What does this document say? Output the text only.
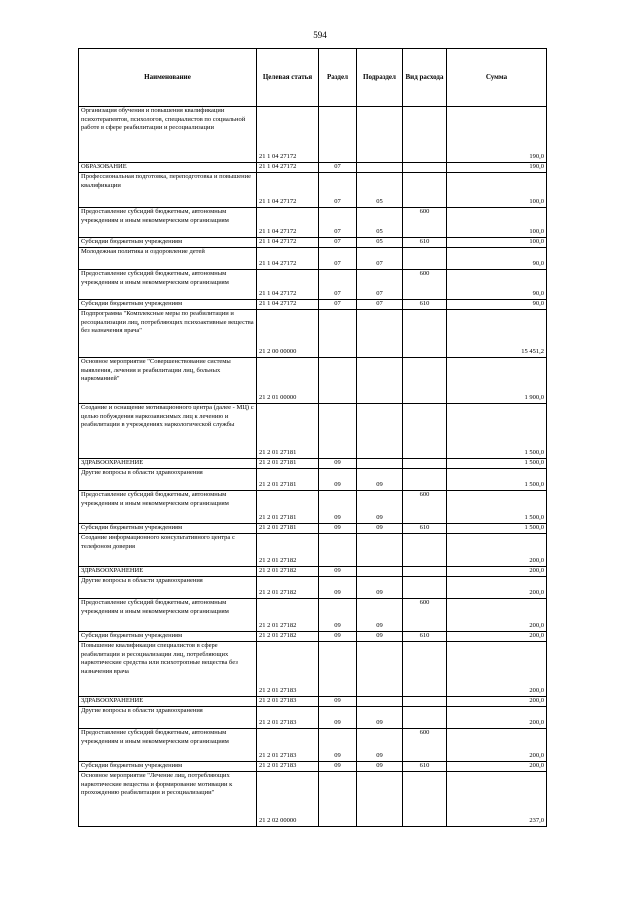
594
Наименование	Целевая статья	Раздел	Подраздел	Вид расхода	Сумма
Организация обучения и повышения квалификации психотерапевтов, психологов, специалистов по социальной работе в сфере реабилитации и ресоциализации	21 1 04 27172				190,0
ОБРАЗОВАНИЕ	21 1 04 27172	07			190,0
Профессиональная подготовка, переподготовка и повышение квалификации	21 1 04 27172	07	05		100,0
Предоставление субсидий бюджетным, автономным учреждениям и иным некоммерческим организациям	21 1 04 27172	07	05	600	100,0
Субсидии бюджетным учреждениям	21 1 04 27172	07	05	610	100,0
Молодежная политика и оздоровление детей	21 1 04 27172	07	07		90,0
Предоставление субсидий бюджетным, автономным учреждениям и иным некоммерческим организациям	21 1 04 27172	07	07	600	90,0
Субсидии бюджетным учреждениям	21 1 04 27172	07	07	610	90,0
Подпрограмма "Комплексные меры по реабилитации и ресоциализации лиц, потребляющих психоактивные вещества без назначения врача"	21 2 00 00000				15 451,2
Основное мероприятие "Совершенствование системы выявления, лечения и реабилитации лиц, больных наркоманией"	21 2 01 00000				1 900,0
Создание и оснащение мотивационного центра (далее - МЦ) с целью побуждения наркозависимых лиц к лечению и реабилитации в учреждениях наркологической службы	21 2 01 27181				1 500,0
ЗДРАВООХРАНЕНИЕ	21 2 01 27181	09			1 500,0
Другие вопросы в области здравоохранения	21 2 01 27181	09	09		1 500,0
Предоставление субсидий бюджетным, автономным учреждениям и иным некоммерческим организациям	21 2 01 27181	09	09	600	1 500,0
Субсидии бюджетным учреждениям	21 2 01 27181	09	09	610	1 500,0
Создание информационного консультативного центра с телефоном доверия	21 2 01 27182				200,0
ЗДРАВООХРАНЕНИЕ	21 2 01 27182	09			200,0
Другие вопросы в области здравоохранения	21 2 01 27182	09	09		200,0
Предоставление субсидий бюджетным, автономным учреждениям и иным некоммерческим организациям	21 2 01 27182	09	09	600	200,0
Субсидии бюджетным учреждениям	21 2 01 27182	09	09	610	200,0
Повышение квалификации специалистов в сфере реабилитации и ресоциализации лиц, потребляющих наркотические средства или психотропные вещества без назначения врача	21 2 01 27183				200,0
ЗДРАВООХРАНЕНИЕ	21 2 01 27183	09			200,0
Другие вопросы в области здравоохранения	21 2 01 27183	09	09		200,0
Предоставление субсидий бюджетным, автономным учреждениям и иным некоммерческим организациям	21 2 01 27183	09	09	600	200,0
Субсидии бюджетным учреждениям	21 2 01 27183	09	09	610	200,0
Основное мероприятие "Лечение лиц, потребляющих наркотические вещества и формирование мотивации к прохождению реабилитации и ресоциализации"	21 2 02 00000				237,0
